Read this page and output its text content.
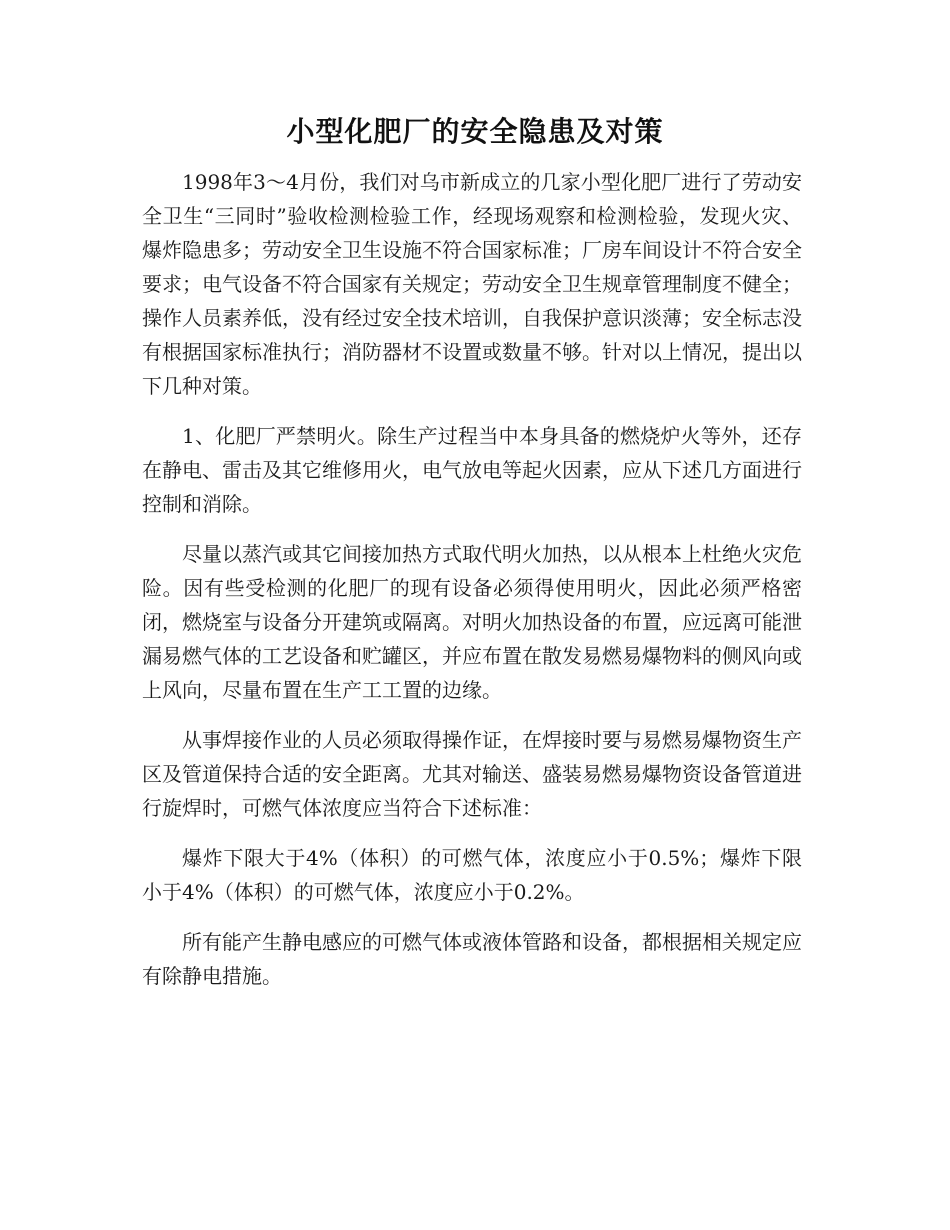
小型化肥厂的安全隐患及对策

1998年3～4月份，我们对乌市新成立的几家小型化肥厂进行了劳动安全卫生“三同时”验收检测检验工作，经现场观察和检测检验，发现火灾、爆炸隐患多；劳动安全卫生设施不符合国家标准；厂房车间设计不符合安全要求；电气设备不符合国家有关规定；劳动安全卫生规章管理制度不健全；操作人员素养低，没有经过安全技术培训，自我保护意识淡薄；安全标志没有根据国家标准执行；消防器材不设置或数量不够。针对以上情况，提出以下几种对策。

1、化肥厂严禁明火。除生产过程当中本身具备的燃烧炉火等外，还存在静电、雷击及其它维修用火，电气放电等起火因素，应从下述几方面进行控制和消除。

尽量以蒸汽或其它间接加热方式取代明火加热，以从根本上杜绝火灾危险。因有些受检测的化肥厂的现有设备必须得使用明火，因此必须严格密闭，燃烧室与设备分开建筑或隔离。对明火加热设备的布置，应远离可能泄漏易燃气体的工艺设备和贮罐区，并应布置在散发易燃易爆物料的侧风向或上风向，尽量布置在生产工工置的边缘。

从事焊接作业的人员必须取得操作证，在焊接时要与易燃易爆物资生产区及管道保持合适的安全距离。尤其对输送、盛装易燃易爆物资设备管道进行旋焊时，可燃气体浓度应当符合下述标准：

爆炸下限大于4%（体积）的可燃气体，浓度应小于0.5%；爆炸下限小于4%（体积）的可燃气体，浓度应小于0.2%。

所有能产生静电感应的可燃气体或液体管路和设备，都根据相关规定应有除静电措施。
